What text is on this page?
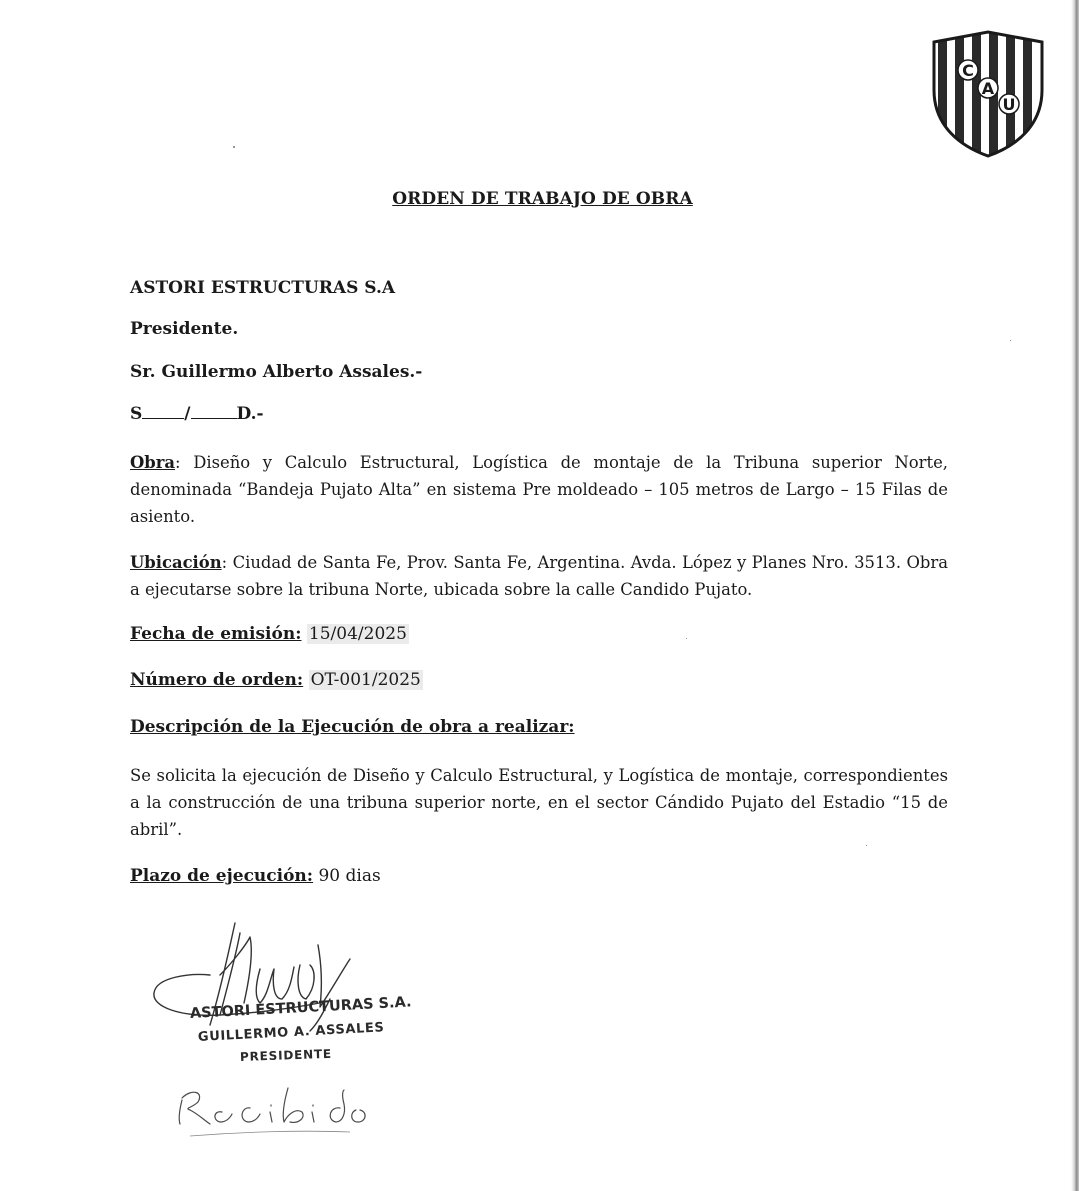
C
A
U
ORDEN DE TRABAJO DE OBRA
ASTORI ESTRUCTURAS S.A
Presidente.
Sr. Guillermo Alberto Assales.-
S /	D.-
Obra: Diseño y Calculo Estructural, Logística de montaje de la Tribuna superior Norte, denominada “Bandeja Pujato Alta” en sistema Pre moldeado – 105 metros de Largo – 15 Filas de asiento.
Ubicación: Ciudad de Santa Fe, Prov. Santa Fe, Argentina. Avda. López y Planes Nro. 3513. Obra a ejecutarse sobre la tribuna Norte, ubicada sobre la calle Candido Pujato.
Fecha de emisión: 15/04/2025
Número de orden: OT-001/2025
Descripción de la Ejecución de obra a realizar:
Se solicita la ejecución de Diseño y Calculo Estructural, y Logística de montaje, correspondientes a la construcción de una tribuna superior norte, en el sector Cándido Pujato del Estadio “15 de abril”.
Plazo de ejecución: 90 dias
ASTORI ESTRUCTURAS S.A.
GUILLERMO A. ASSALES
PRESIDENTE
